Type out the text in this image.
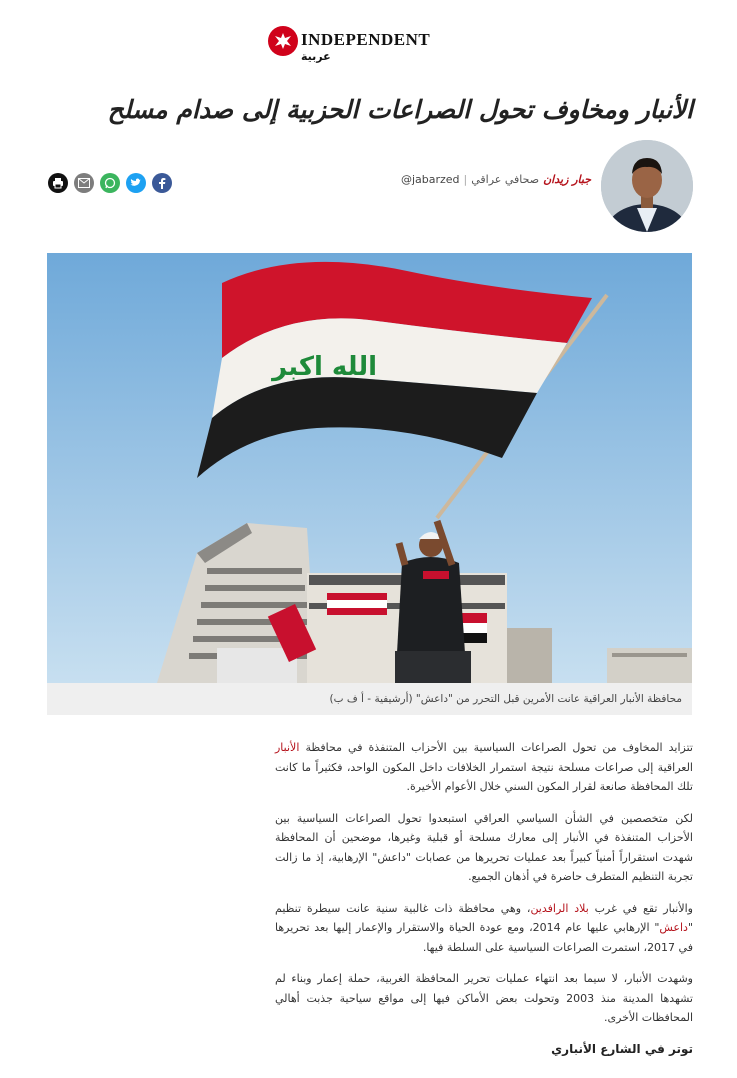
INDEPENDENT
عربية
الأنبار ومخاوف تحول الصراعات الحزبية إلى صدام مسلح
جبار زيدان
صحافي عراقي
|
@jabarzed
الله اكبر
محافظة الأنبار العراقية عانت الأمرين قبل التحرر من "داعش" (أرشيفية - أ ف ب)

تتزايد المخاوف من تحول الصراعات السياسية بين الأحزاب المتنفذة في محافظة الأنبار العراقية إلى صراعات مسلحة نتيجة استمرار الخلافات داخل المكون الواحد، فكثيراً ما كانت تلك المحافظة صانعة لقرار المكون السني خلال الأعوام الأخيرة.

لكن متخصصين في الشأن السياسي العراقي استبعدوا تحول الصراعات السياسية بين الأحزاب المتنفذة في الأنبار إلى معارك مسلحة أو قبلية وغيرها، موضحين أن المحافظة شهدت استقراراً أمنياً كبيراً بعد عمليات تحريرها من عصابات "داعش" الإرهابية، إذ ما زالت تجربة التنظيم المتطرف حاضرة في أذهان الجميع.

والأنبار تقع في غرب بلاد الرافدين، وهي محافظة ذات غالبية سنية عانت سيطرة تنظيم "داعش" الإرهابي عليها عام 2014، ومع عودة الحياة والاستقرار والإعمار إليها بعد تحريرها في 2017، استمرت الصراعات السياسية على السلطة فيها.

وشهدت الأنبار، لا سيما بعد انتهاء عمليات تحرير المحافظة الغربية، حملة إعمار وبناء لم تشهدها المدينة منذ 2003 وتحولت بعض الأماكن فيها إلى مواقع سياحية جذبت أهالي المحافظات الأخرى.

توتر في الشارع الأنباري
